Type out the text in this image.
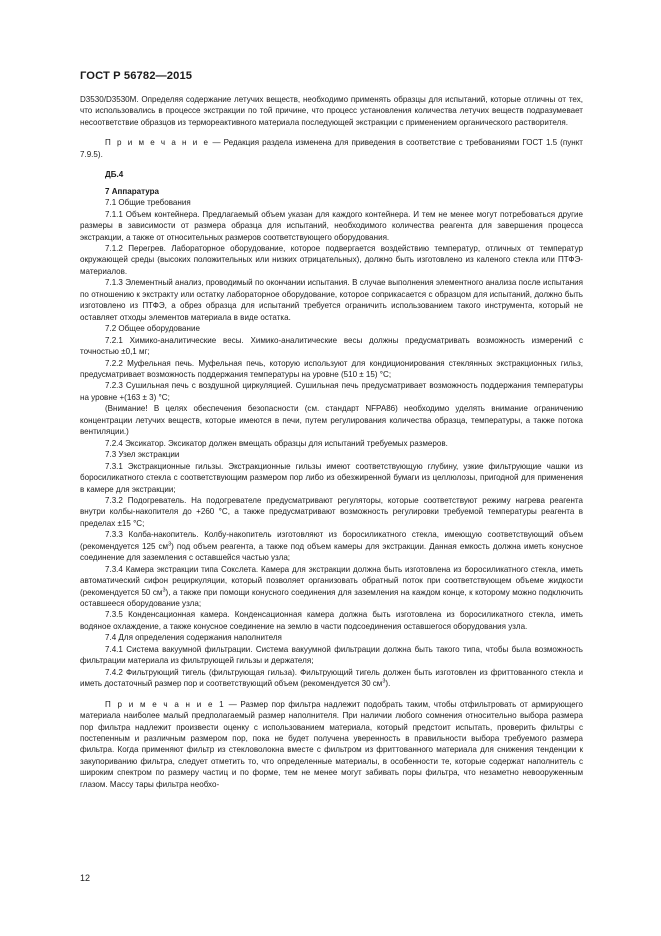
ГОСТ Р 56782—2015

D3530/D3530M. Определяя содержание летучих веществ, необходимо применять образцы для испытаний, которые отличны от тех, что использовались в процессе экстракции по той причине, что процесс установления количества летучих веществ подразумевает несоответствие образцов из термореактивного материала последующей экстракции с применением органического растворителя.

П р и м е ч а н и е — Редакция раздела изменена для приведения в соответствие с требованиями ГОСТ 1.5 (пункт 7.9.5).

ДБ.4

7 Аппаратура

7.1 Общие требования

7.1.1 Объем контейнера. Предлагаемый объем указан для каждого контейнера. И тем не менее могут потребоваться другие размеры в зависимости от размера образца для испытаний, необходимого количества реагента для завершения процесса экстракции, а также от относительных размеров соответствующего оборудования.

7.1.2 Перегрев. Лабораторное оборудование, которое подвергается воздействию температур, отличных от температур окружающей среды (высоких положительных или низких отрицательных), должно быть изготовлено из каленого стекла или ПТФЭ-материалов.

7.1.3 Элементный анализ, проводимый по окончании испытания. В случае выполнения элементного анализа после испытания по отношению к экстракту или остатку лабораторное оборудование, которое соприкасается с образцом для испытаний, должно быть изготовлено из ПТФЭ, а обрез образца для испытаний требуется ограничить использованием такого инструмента, который не оставляет отходы элементов материала в виде остатка.

7.2 Общее оборудование

7.2.1 Химико-аналитические весы. Химико-аналитические весы должны предусматривать возможность измерений с точностью ±0,1 мг;

7.2.2 Муфельная печь. Муфельная печь, которую используют для кондиционирования стеклянных экстракционных гильз, предусматривает возможность поддержания температуры на уровне (510 ± 15) °С;

7.2.3 Сушильная печь с воздушной циркуляцией. Сушильная печь предусматривает возможность поддержания температуры на уровне +(163 ± 3) °С;

(Внимание! В целях обеспечения безопасности (см. стандарт NFPA86) необходимо уделять внимание ограничению концентрации летучих веществ, которые имеются в печи, путем регулирования количества образца, температуры, а также потока вентиляции.)

7.2.4 Эксикатор. Эксикатор должен вмещать образцы для испытаний требуемых размеров.

7.3 Узел экстракции

7.3.1 Экстракционные гильзы. Экстракционные гильзы имеют соответствующую глубину, узкие фильтрующие чашки из боросиликатного стекла с соответствующим размером пор либо из обезжиренной бумаги из целлюлозы, пригодной для применения в камере для экстракции;

7.3.2 Подогреватель. На подогревателе предусматривают регуляторы, которые соответствуют режиму нагрева реагента внутри колбы-накопителя до +260 °С, а также предусматривают возможность регулировки требуемой температуры реагента в пределах ±15 °С;

7.3.3 Колба-накопитель. Колбу-накопитель изготовляют из боросиликатного стекла, имеющую соответствующий объем (рекомендуется 125 $см^3$) под объем реагента, а также под объем камеры для экстракции. Данная емкость должна иметь конусное соединение для заземления с оставшейся частью узла;

7.3.4 Камера экстракции типа Сокслета. Камера для экстракции должна быть изготовлена из боросиликатного стекла, иметь автоматический сифон рециркуляции, который позволяет организовать обратный поток при соответствующем объеме жидкости (рекомендуется 50 $см^3$), а также при помощи конусного соединения для заземления на каждом конце, к которому можно подключить оставшееся оборудование узла;

7.3.5 Конденсационная камера. Конденсационная камера должна быть изготовлена из боросиликатного стекла, иметь водяное охлаждение, а также конусное соединение на землю в части подсоединения оставшегося оборудования узла.

7.4 Для определения содержания наполнителя

7.4.1 Система вакуумной фильтрации. Система вакуумной фильтрации должна быть такого типа, чтобы была возможность фильтрации материала из фильтрующей гильзы и держателя;

7.4.2 Фильтрующий тигель (фильтрующая гильза). Фильтрующий тигель должен быть изготовлен из фриттованного стекла и иметь достаточный размер пор и соответствующий объем (рекомендуется 30 $см^3$).

П р и м е ч а н и е 1 — Размер пор фильтра надлежит подобрать таким, чтобы отфильтровать от армирующего материала наиболее малый предполагаемый размер наполнителя. При наличии любого сомнения относительно выбора размера пор фильтра надлежит произвести оценку с использованием материала, который предстоит испытать, проверить фильтры с постепенным и различным размером пор, пока не будет получена уверенность в правильности выбора требуемого размера фильтра. Когда применяют фильтр из стекловолокна вместе с фильтром из фриттованного материала для снижения тенденции к закупориванию фильтра, следует отметить то, что определенные материалы, в особенности те, которые содержат наполнитель с широким спектром по размеру частиц и по форме, тем не менее могут забивать поры фильтра, что незаметно невооруженным глазом. Массу тары фильтра необхо-

12
